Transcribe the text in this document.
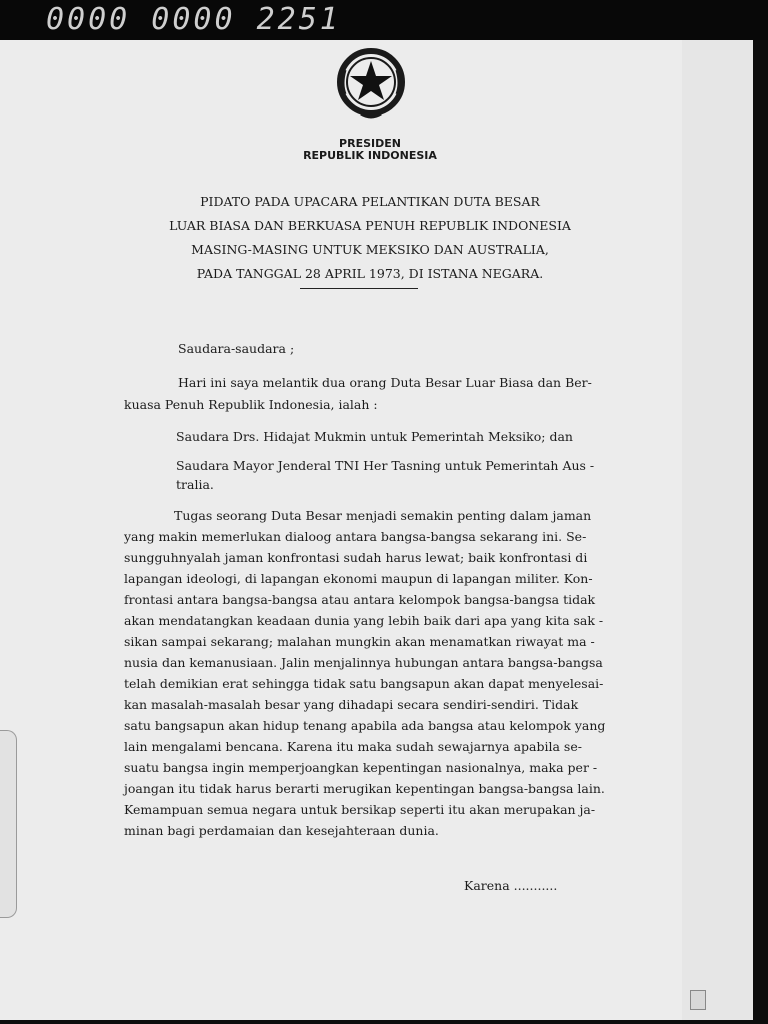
0000 0000 2251
PRESIDEN
REPUBLIK INDONESIA
PIDATO PADA UPACARA PELANTIKAN DUTA BESAR
LUAR BIASA DAN BERKUASA PENUH REPUBLIK INDONESIA
MASING-MASING UNTUK MEKSIKO DAN AUSTRALIA,
PADA TANGGAL 28 APRIL 1973, DI ISTANA NEGARA.
Saudara-saudara ;
Hari ini saya melantik dua orang Duta Besar Luar Biasa dan Ber-
kuasa Penuh Republik Indonesia, ialah :
Saudara Drs. Hidajat Mukmin untuk Pemerintah Meksiko; dan
Saudara Mayor Jenderal TNI Her Tasning untuk Pemerintah Aus -
tralia.
Tugas seorang Duta Besar menjadi semakin penting dalam jaman
yang makin memerlukan dialoog antara bangsa-bangsa sekarang ini. Se-
sungguhnyalah jaman konfrontasi sudah harus lewat; baik konfrontasi di
lapangan ideologi, di lapangan ekonomi maupun di lapangan militer. Kon-
frontasi antara bangsa-bangsa atau antara kelompok bangsa-bangsa tidak
akan mendatangkan keadaan dunia yang lebih baik dari apa yang kita sak -
sikan sampai sekarang; malahan mungkin akan menamatkan riwayat ma -
nusia dan kemanusiaan. Jalin menjalinnya hubungan antara bangsa-bangsa
telah demikian erat sehingga tidak satu bangsapun akan dapat menyelesai-
kan masalah-masalah besar yang dihadapi secara sendiri-sendiri. Tidak
satu bangsapun akan hidup tenang apabila ada bangsa atau kelompok yang
lain mengalami bencana. Karena itu maka sudah sewajarnya apabila se-
suatu bangsa ingin memperjoangkan kepentingan nasionalnya, maka per -
joangan itu tidak harus berarti merugikan kepentingan bangsa-bangsa lain.
Kemampuan semua negara untuk bersikap seperti itu akan merupakan ja-
minan bagi perdamaian dan kesejahteraan dunia.
Karena ...........
